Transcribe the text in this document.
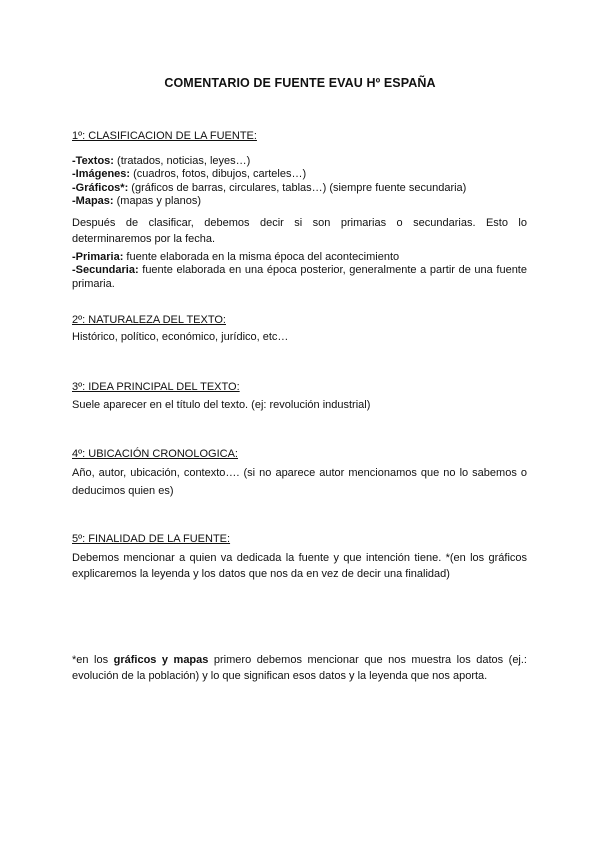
COMENTARIO DE FUENTE EVAU Hº ESPAÑA
1º: CLASIFICACION DE LA FUENTE:

-Textos: (tratados, noticias, leyes…)

-Imágenes: (cuadros, fotos, dibujos, carteles…)

-Gráficos*: (gráficos de barras, circulares, tablas…) (siempre fuente secundaria)

-Mapas: (mapas y planos)

Después de clasificar, debemos decir si son primarias o secundarias. Esto lo determinaremos por la fecha.

-Primaria: fuente elaborada en la misma época del acontecimiento

-Secundaria: fuente elaborada en una época posterior, generalmente a partir de una fuente primaria.

2º: NATURALEZA DEL TEXTO:
Histórico, político, económico, jurídico, etc…
3º: IDEA PRINCIPAL DEL TEXTO:
Suele aparecer en el título del texto. (ej: revolución industrial)
4º: UBICACIÓN CRONOLOGICA:
Año, autor, ubicación, contexto…. (si no aparece autor mencionamos que no lo sabemos o deducimos quien es)
5º: FINALIDAD DE LA FUENTE:
Debemos mencionar a quien va dedicada la fuente y que intención tiene. *(en los gráficos explicaremos la leyenda y los datos que nos da en vez de decir una finalidad)
*en los gráficos y mapas primero debemos mencionar que nos muestra los datos (ej.: evolución de la población) y lo que significan esos datos y la leyenda que nos aporta.
